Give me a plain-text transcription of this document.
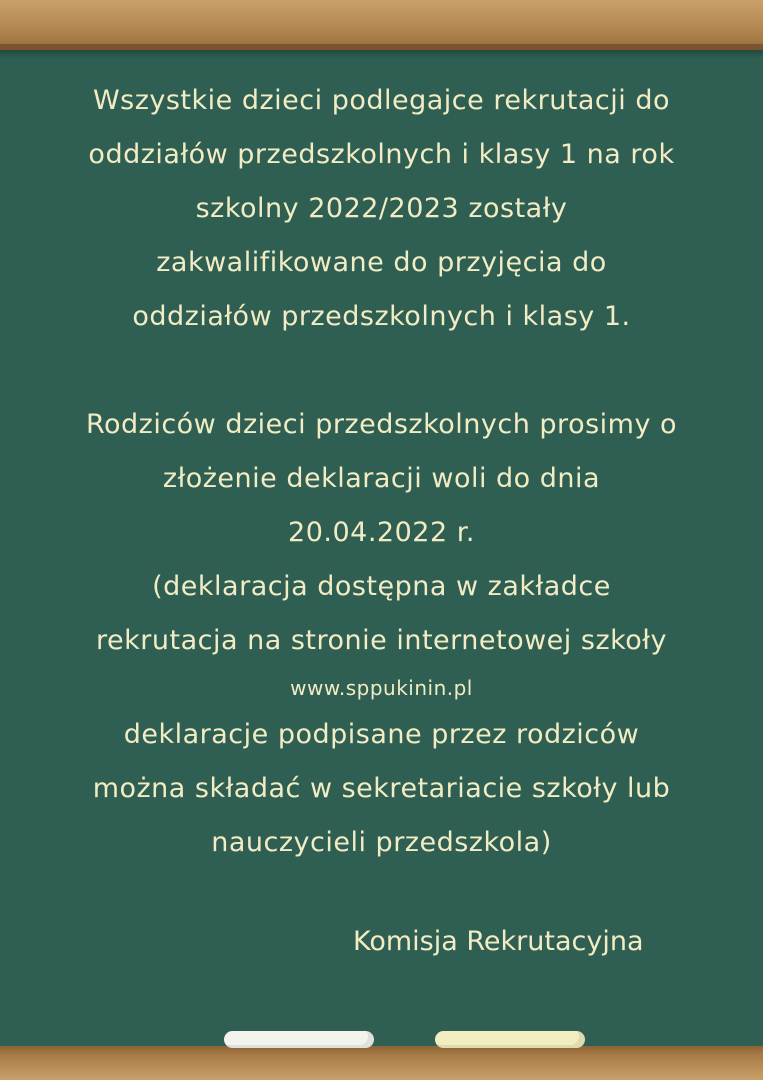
Wszystkie dzieci podlegajce rekrutacji do
oddziałów przedszkolnych i klasy 1 na rok
szkolny 2022/2023 zostały
zakwalifikowane do przyjęcia do
oddziałów przedszkolnych i klasy 1.
Rodziców dzieci przedszkolnych prosimy o
złożenie deklaracji woli do dnia
20.04.2022 r.
(deklaracja dostępna w zakładce
rekrutacja na stronie internetowej szkoły
www.sppukinin.pl
deklaracje podpisane przez rodziców
można składać w sekretariacie szkoły lub
nauczycieli przedszkola)
Komisja Rekrutacyjna
